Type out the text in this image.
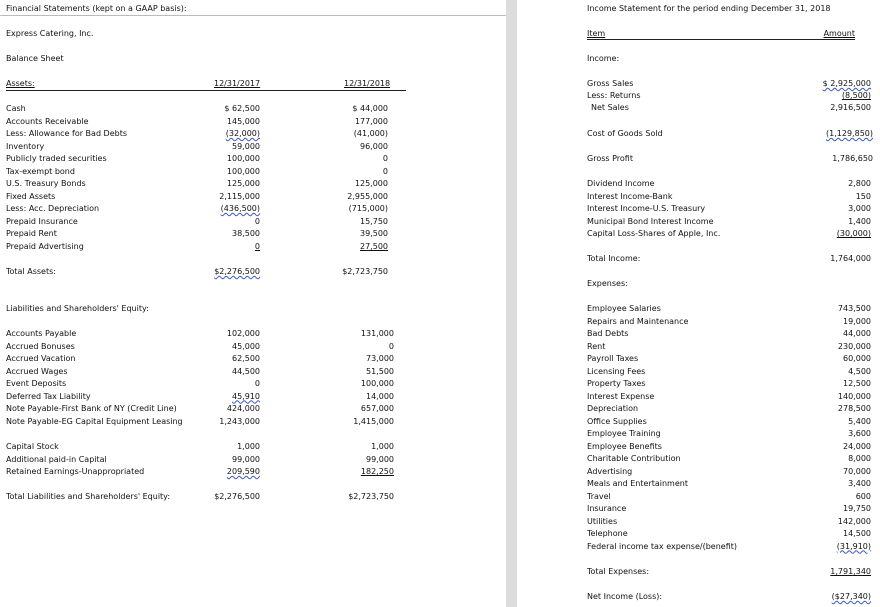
Financial Statements (kept on a GAAP basis):
Express Catering, Inc.
Balance Sheet
Assets:	12/31/2017	12/31/2018
Cash	$ 62,500	$ 44,000
Accounts Receivable	145,000	177,000
Less: Allowance for Bad Debts	(32,000)	(41,000)
Inventory	59,000	96,000
Publicly traded securities	100,000	0
Tax-exempt bond	100,000	0
U.S. Treasury Bonds	125,000	125,000
Fixed Assets	2,115,000	2,955,000
Less: Acc. Depreciation	(436,500)	(715,000)
Prepaid Insurance	0	15,750
Prepaid Rent	38,500	39,500
Prepaid Advertising	0	27,500
Total Assets:	$2,276,500	$2,723,750
Liabilities and Shareholders' Equity:
Accounts Payable	102,000	131,000
Accrued Bonuses	45,000	0
Accrued Vacation	62,500	73,000
Accrued Wages	44,500	51,500
Event Deposits	0	100,000
Deferred Tax Liability	45,910	14,000
Note Payable-First Bank of NY (Credit Line)	424,000	657,000
Note Payable-EG Capital Equipment Leasing	1,243,000	1,415,000
Capital Stock	1,000	1,000
Additional paid-in Capital	99,000	99,000
Retained Earnings-Unappropriated	209,590	182,250
Total Liabilities and Shareholders' Equity:	$2,276,500	$2,723,750
Income Statement for the period ending December 31, 2018
Item	Amount
Income:
Gross Sales	$ 2,925,000
Less: Returns	(8,500)
Net Sales	2,916,500
Cost of Goods Sold	(1,129,850)
Gross Profit	1,786,650
Dividend Income	2,800
Interest Income-Bank	150
Interest Income-U.S. Treasury	3,000
Municipal Bond Interest Income	1,400
Capital Loss-Shares of Apple, Inc.	(30,000)
Total Income:	1,764,000
Expenses:
Employee Salaries	743,500
Repairs and Maintenance	19,000
Bad Debts	44,000
Rent	230,000
Payroll Taxes	60,000
Licensing Fees	4,500
Property Taxes	12,500
Interest Expense	140,000
Depreciation	278,500
Office Supplies	5,400
Employee Training	3,600
Employee Benefits	24,000
Charitable Contribution	8,000
Advertising	70,000
Meals and Entertainment	3,400
Travel	600
Insurance	19,750
Utilities	142,000
Telephone	14,500
Federal income tax expense/(benefit)	(31,910)
Total Expenses:	1,791,340
Net Income (Loss):	($27,340)
